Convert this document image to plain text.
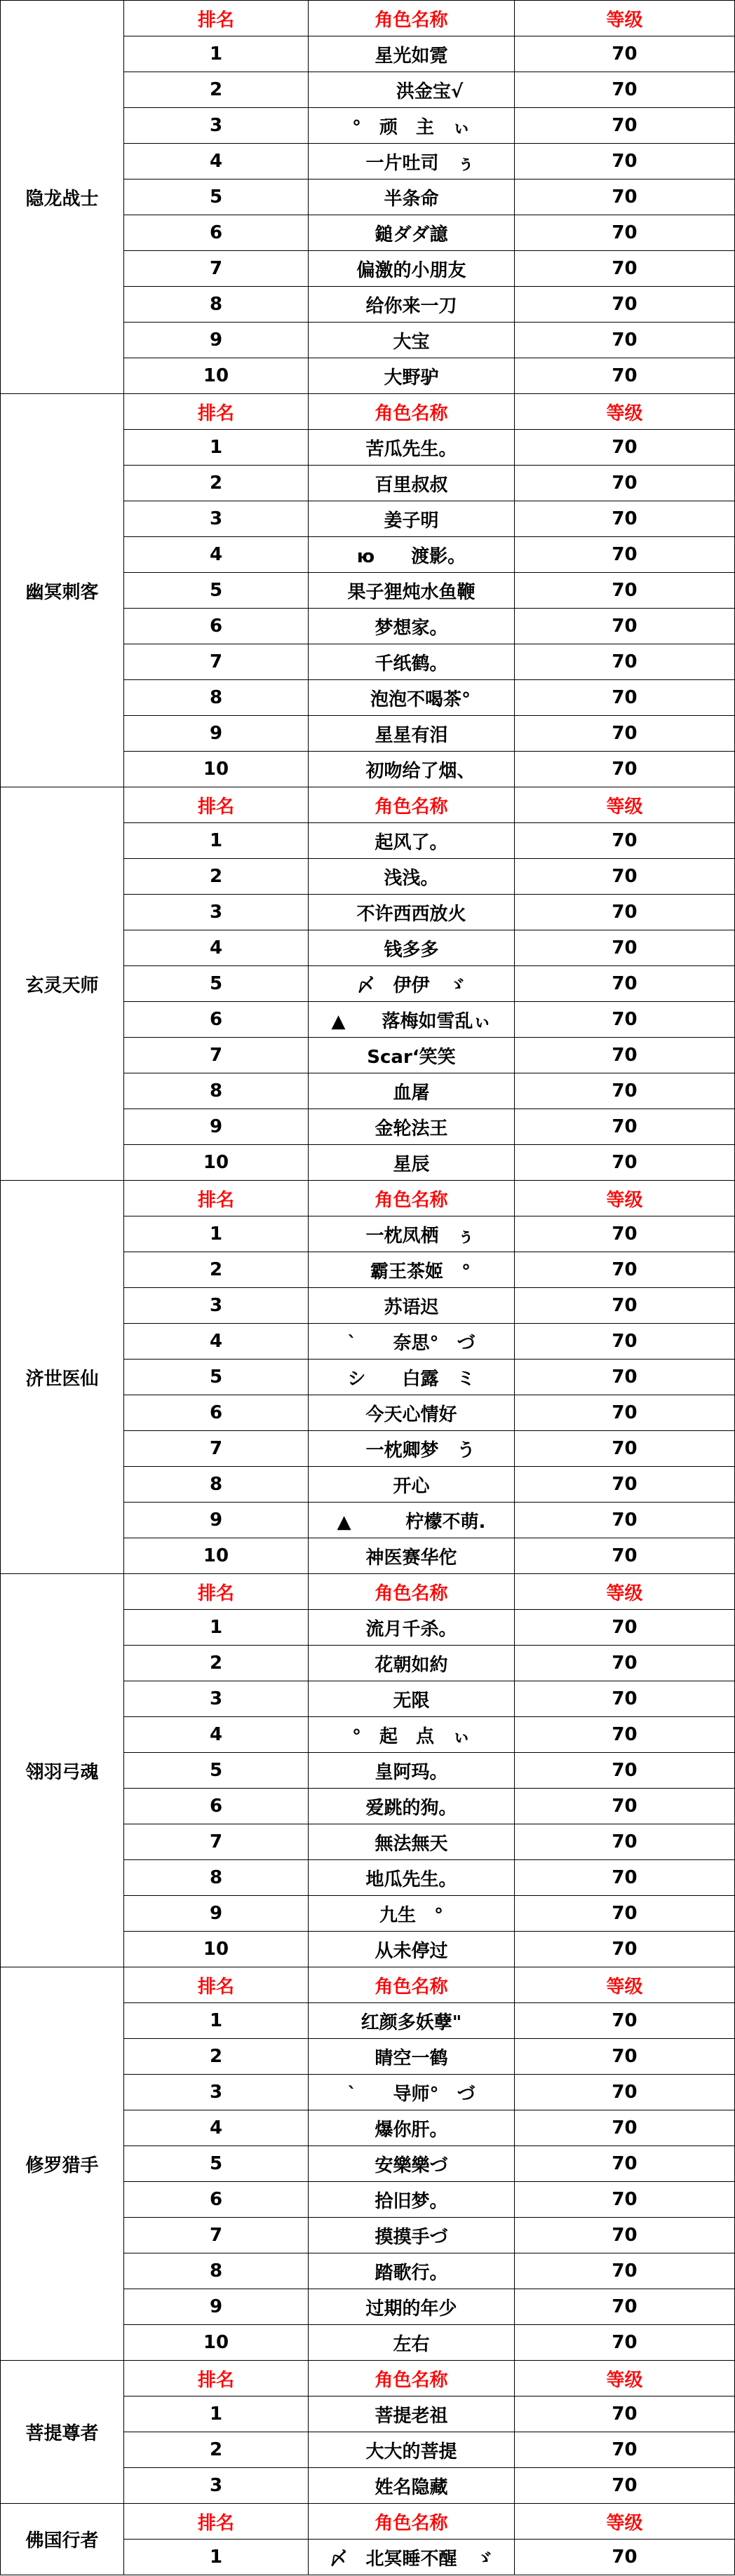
隐龙战士	排名	角色名称	等级
	1	星光如霓	70
	2	　　洪金宝√	70
	3	°　顽　主　ぃ	70
	4	　一片吐司　ぅ	70
	5	半条命	70
	6	鎚ダダ譩	70
	7	偏激的小朋友	70
	8	给你来一刀	70
	9	大宝	70
	10	大野驴	70
幽冥刺客	排名	角色名称	等级
	1	苦瓜先生。	70
	2	百里叔叔	70
	3	姜子明	70
	4	ю　　渡影。	70
	5	果子狸炖水鱼鞭	70
	6	梦想家。	70
	7	千纸鹤。	70
	8	　泡泡不喝茶°	70
	9	星星有泪	70
	10	　初吻给了烟、	70
玄灵天师	排名	角色名称	等级
	1	起风了。	70
	2	浅浅。	70
	3	不许西西放火	70
	4	钱多多	70
	5	〆　伊伊　ゞ	70
	6	▲　　落梅如雪乱ぃ	70
	7	Scar‘笑笑	70
	8	血屠	70
	9	金轮法王	70
	10	星辰	70
济世医仙	排名	角色名称	等级
	1	　一枕凤栖　ぅ	70
	2	　霸王茶姬　°	70
	3	苏语迟	70
	4	`　　奈思°　づ	70
	5	シ　　白露　ミ	70
	6	今天心情好	70
	7	　一枕卿梦　う	70
	8	开心	70
	9	▲　　　柠檬不萌.	70
	10	神医赛华佗	70
翎羽弓魂	排名	角色名称	等级
	1	流月千杀。	70
	2	花朝如約	70
	3	无限	70
	4	°　起　点　ぃ	70
	5	皇阿玛。	70
	6	爱跳的狗。	70
	7	無法無天	70
	8	地瓜先生。	70
	9	九生　°	70
	10	从未停过	70
修罗猎手	排名	角色名称	等级
	1	红颜多妖孽"	70
	2	睛空一鹤	70
	3	`　　导师°　づ	70
	4	爆你肝。	70
	5	安樂樂づ	70
	6	拾旧梦。	70
	7	摸摸手づ	70
	8	踏歌行。	70
	9	过期的年少	70
	10	左右	70
菩提尊者	排名	角色名称	等级
	1	菩提老祖	70
	2	大大的菩提	70
	3	姓名隐藏	70
佛国行者	排名	角色名称	等级
	1	〆　北冥睡不醒　ゞ	70
